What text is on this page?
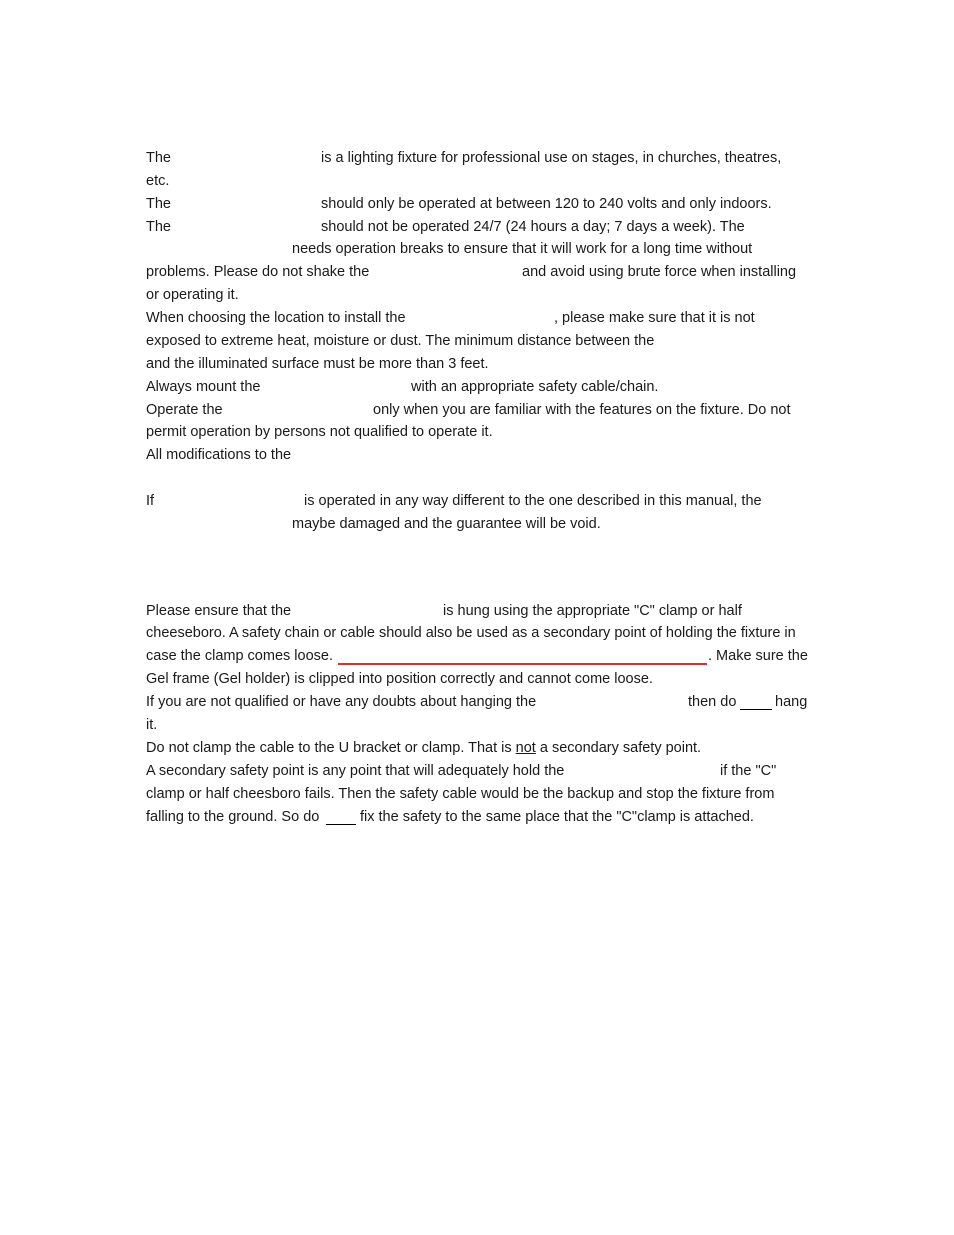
The	is a lighting fixture for professional use on stages, in churches, theatres,
etc.
The	should only be operated at between 120 to 240 volts and only indoors.
The	should not be operated 24/7 (24 hours a day; 7 days a week). The
needs operation breaks to ensure that it will work for a long time without
problems. Please do not shake the	and avoid using brute force when installing
or operating it.
When choosing the location to install the	, please make sure that it is not
exposed to extreme heat, moisture or dust. The minimum distance between the
and the illuminated surface must be more than 3 feet.
Always mount the	with an appropriate safety cable/chain.
Operate the	only when you are familiar with the features on the fixture. Do not
permit operation by persons not qualified to operate it.
All modifications to the
If	is operated in any way different to the one described in this manual, the
maybe damaged and the guarantee will be void.
Please ensure that the	is hung using the appropriate "C" clamp or half
cheeseboro. A safety chain or cable should also be used as a secondary point of holding the fixture in
case the clamp comes loose.	. Make sure the
Gel frame (Gel holder) is clipped into position correctly and cannot come loose.
If you are not qualified or have any doubts about hanging the	then do	hang
it.
Do not clamp the cable to the U bracket or clamp. That is not a secondary safety point.
A secondary safety point is any point that will adequately hold the	if the "C"
clamp or half cheesboro fails. Then the safety cable would be the backup and stop the fixture from
falling to the ground. So do	fix the safety to the same place that the "C"clamp is attached.
